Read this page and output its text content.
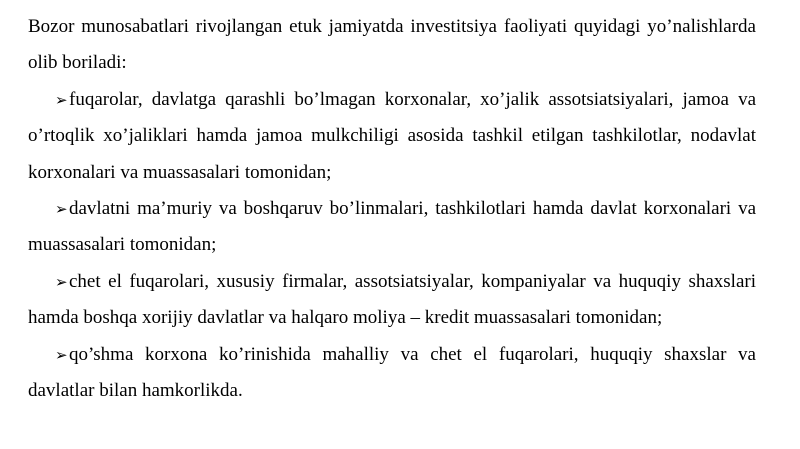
Bozor munosabatlari rivojlangan etuk jamiyatda investitsiya faoliyati quyidagi yo’nalishlarda olib boriladi:

➢fuqarolar, davlatga qarashli bo’lmagan korxonalar, xo’jalik assotsiatsiyalari, jamoa va o’rtoqlik xo’jaliklari hamda jamoa mulkchiligi asosida tashkil etilgan tashkilotlar, nodavlat korxonalari va muassasalari tomonidan;
➢davlatni ma’muriy va boshqaruv bo’linmalari, tashkilotlari hamda davlat korxonalari va muassasalari tomonidan;
➢chet el fuqarolari, xususiy firmalar, assotsiatsiyalar, kompaniyalar va huquqiy shaxslari hamda boshqa xorijiy davlatlar va halqaro moliya – kredit muassasalari tomonidan;
➢qo’shma korxona ko’rinishida mahalliy va chet el fuqarolari, huquqiy shaxslar va davlatlar bilan hamkorlikda.
